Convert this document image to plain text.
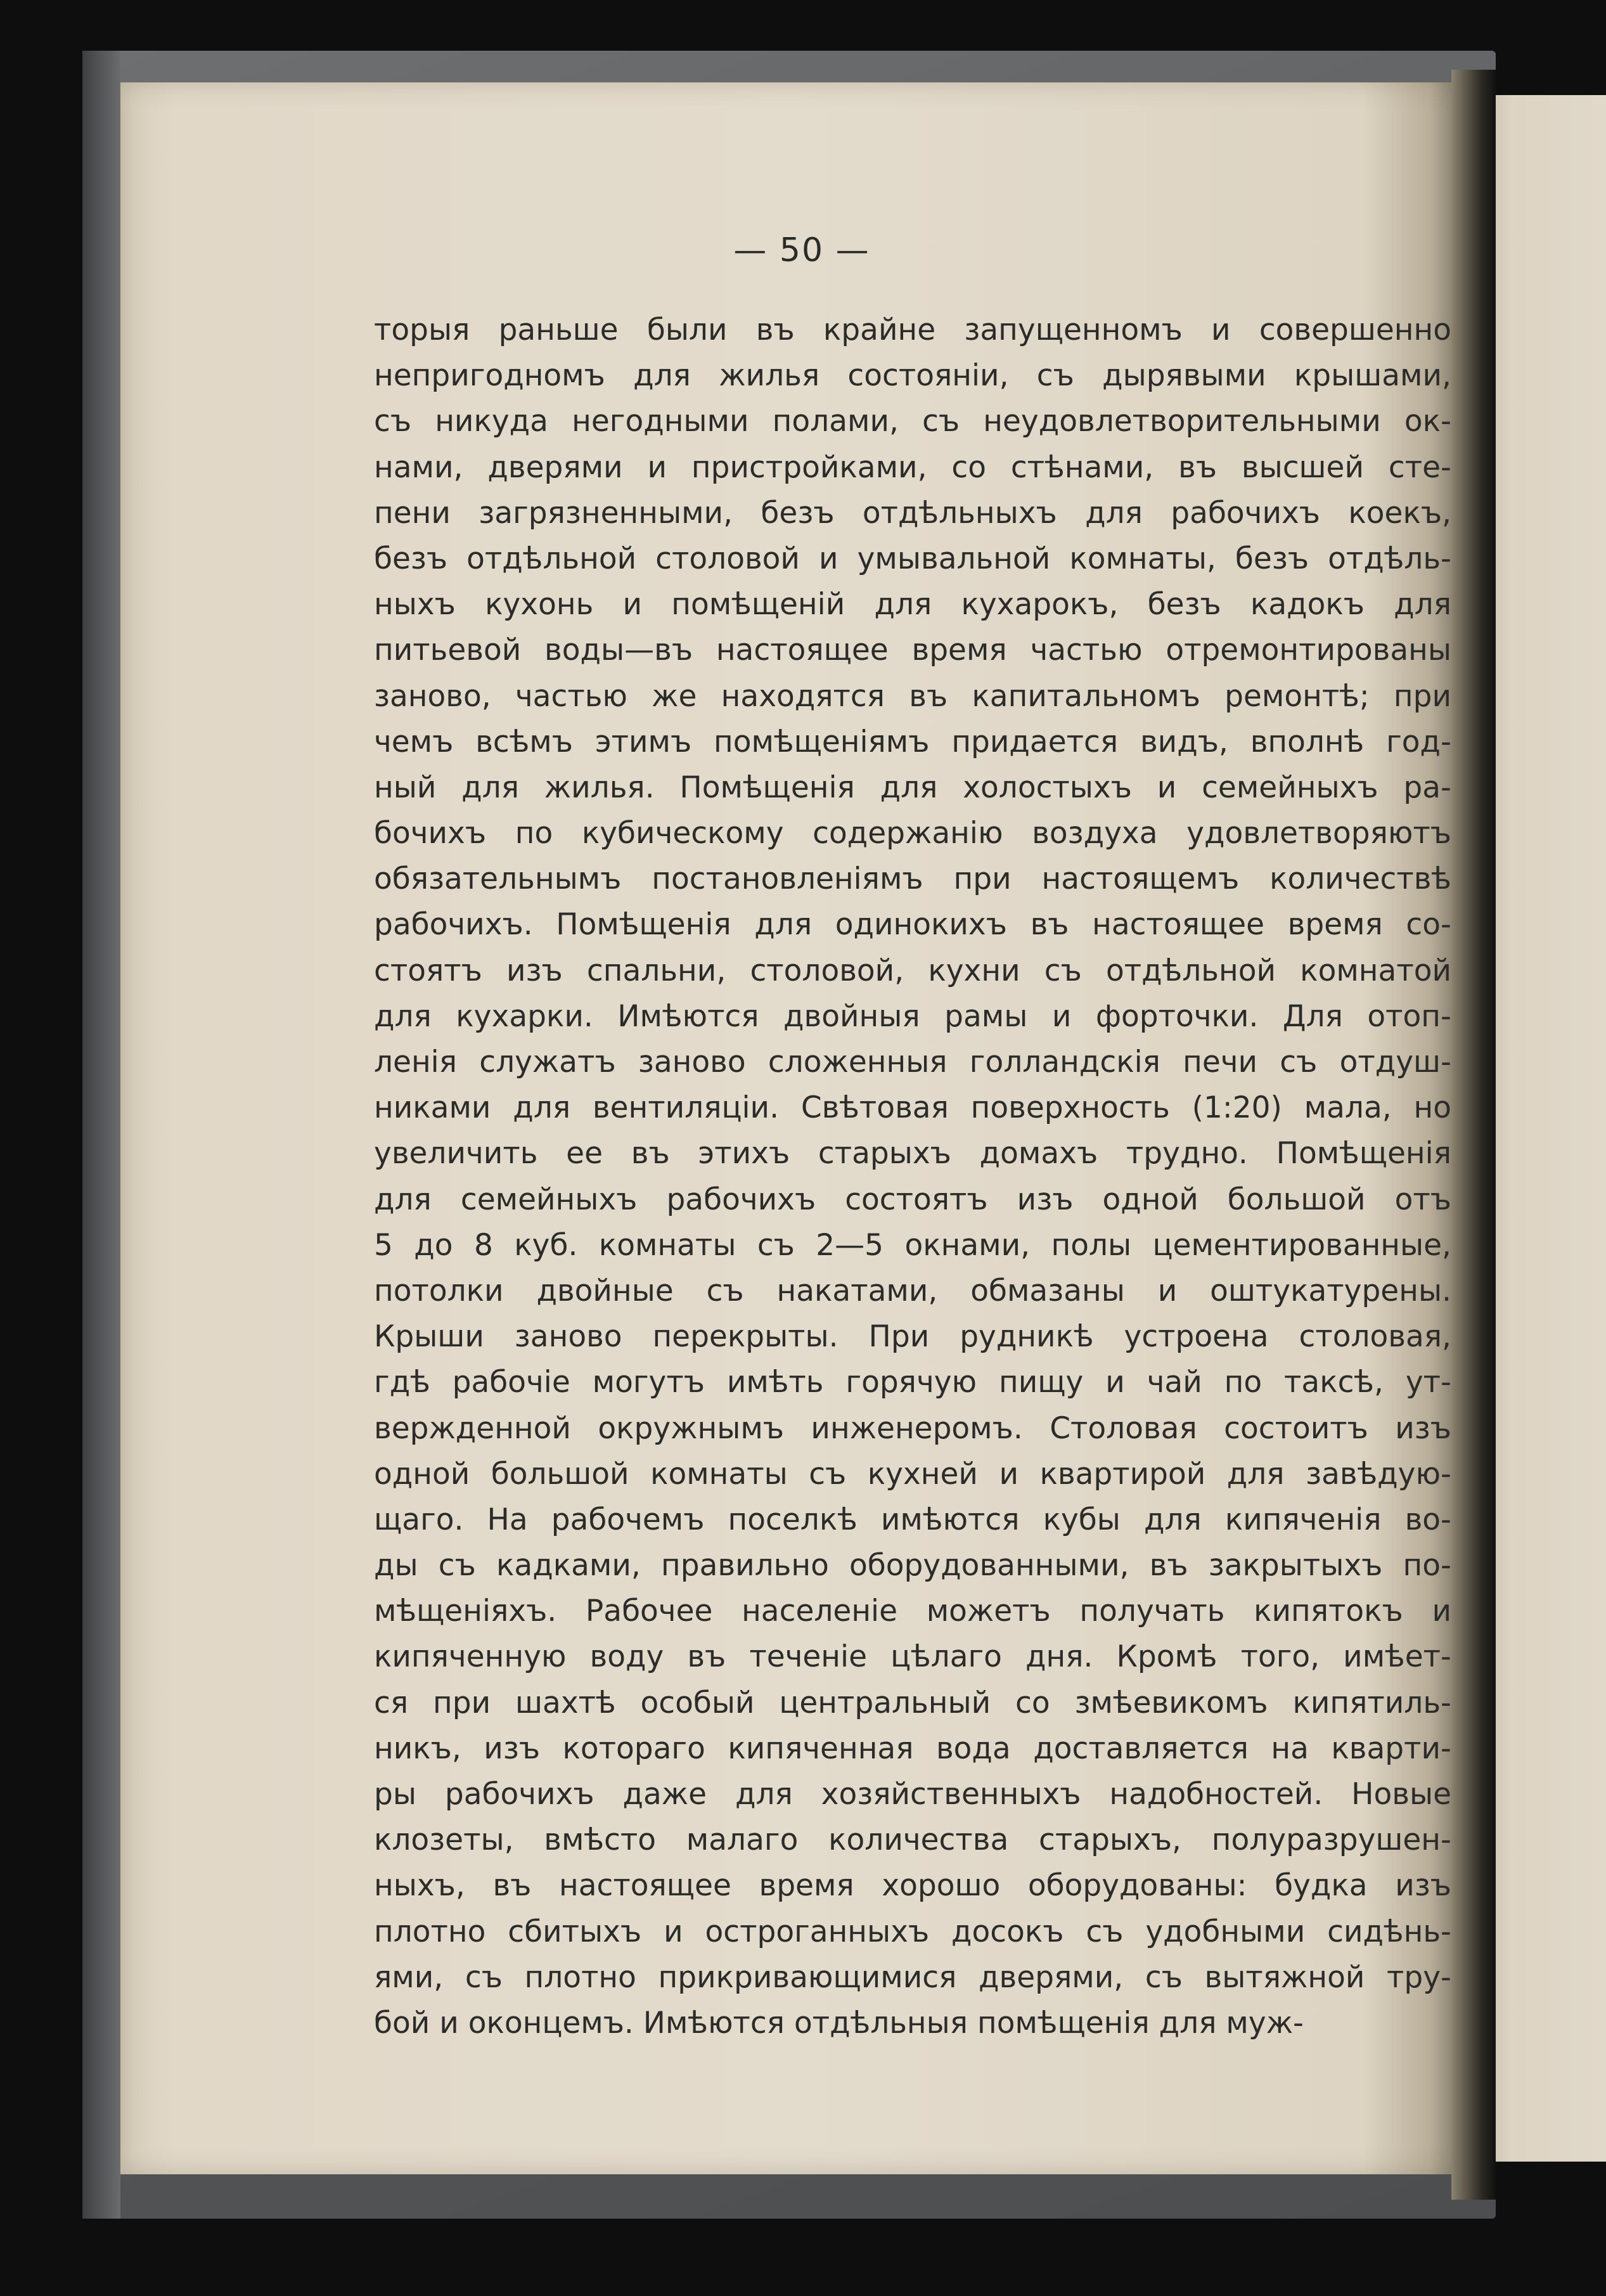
— 50 —
торыя раньше были въ крайне запущенномъ и совершенно
непригодномъ для жилья состоянiи, съ дырявыми крышами,
съ никуда негодными полами, съ неудовлетворительными ок-
нами, дверями и пристройками, со стѣнами, въ высшей сте-
пени загрязненными, безъ отдѣльныхъ для рабочихъ коекъ,
безъ отдѣльной столовой и умывальной комнаты, безъ отдѣль-
ныхъ кухонь и помѣщенiй для кухарокъ, безъ кадокъ для
питьевой воды—въ настоящее время частью отремонтированы
заново, частью же находятся въ капитальномъ ремонтѣ; при
чемъ всѣмъ этимъ помѣщенiямъ придается видъ, вполнѣ год-
ный для жилья. Помѣщенiя для холостыхъ и семейныхъ ра-
бочихъ по кубическому содержанiю воздуха удовлетворяютъ
обязательнымъ постановленiямъ при настоящемъ количествѣ
рабочихъ. Помѣщенiя для одинокихъ въ настоящее время со-
стоятъ изъ спальни, столовой, кухни съ отдѣльной комнатой
для кухарки. Имѣются двойныя рамы и форточки. Для отоп-
ленiя служатъ заново сложенныя голландскiя печи съ отдуш-
никами для вентиляцiи. Свѣтовая поверхность (1:20) мала, но
увеличить ее въ этихъ старыхъ домахъ трудно. Помѣщенiя
для семейныхъ рабочихъ состоятъ изъ одной большой отъ
5 до 8 куб. комнаты съ 2—5 окнами, полы цементированные,
потолки двойные съ накатами, обмазаны и оштукатурены.
Крыши заново перекрыты. При рудникѣ устроена столовая,
гдѣ рабочiе могутъ имѣть горячую пищу и чай по таксѣ, ут-
вержденной окружнымъ инженеромъ. Столовая состоитъ изъ
одной большой комнаты съ кухней и квартирой для завѣдую-
щаго. На рабочемъ поселкѣ имѣются кубы для кипяченiя во-
ды съ кадками, правильно оборудованными, въ закрытыхъ по-
мѣщенiяхъ. Рабочее населенiе можетъ получать кипятокъ и
кипяченную воду въ теченiе цѣлаго дня. Кромѣ того, имѣет-
ся при шахтѣ особый центральный со змѣевикомъ кипятиль-
никъ, изъ котораго кипяченная вода доставляется на кварти-
ры рабочихъ даже для хозяйственныхъ надобностей. Новые
клозеты, вмѣсто малаго количества старыхъ, полуразрушен-
ныхъ, въ настоящее время хорошо оборудованы: будка изъ
плотно сбитыхъ и остроганныхъ досокъ съ удобными сидѣнь-
ями, съ плотно прикривающимися дверями, съ вытяжной тру-
бой и оконцемъ. Имѣются отдѣльныя помѣщенiя для муж-
